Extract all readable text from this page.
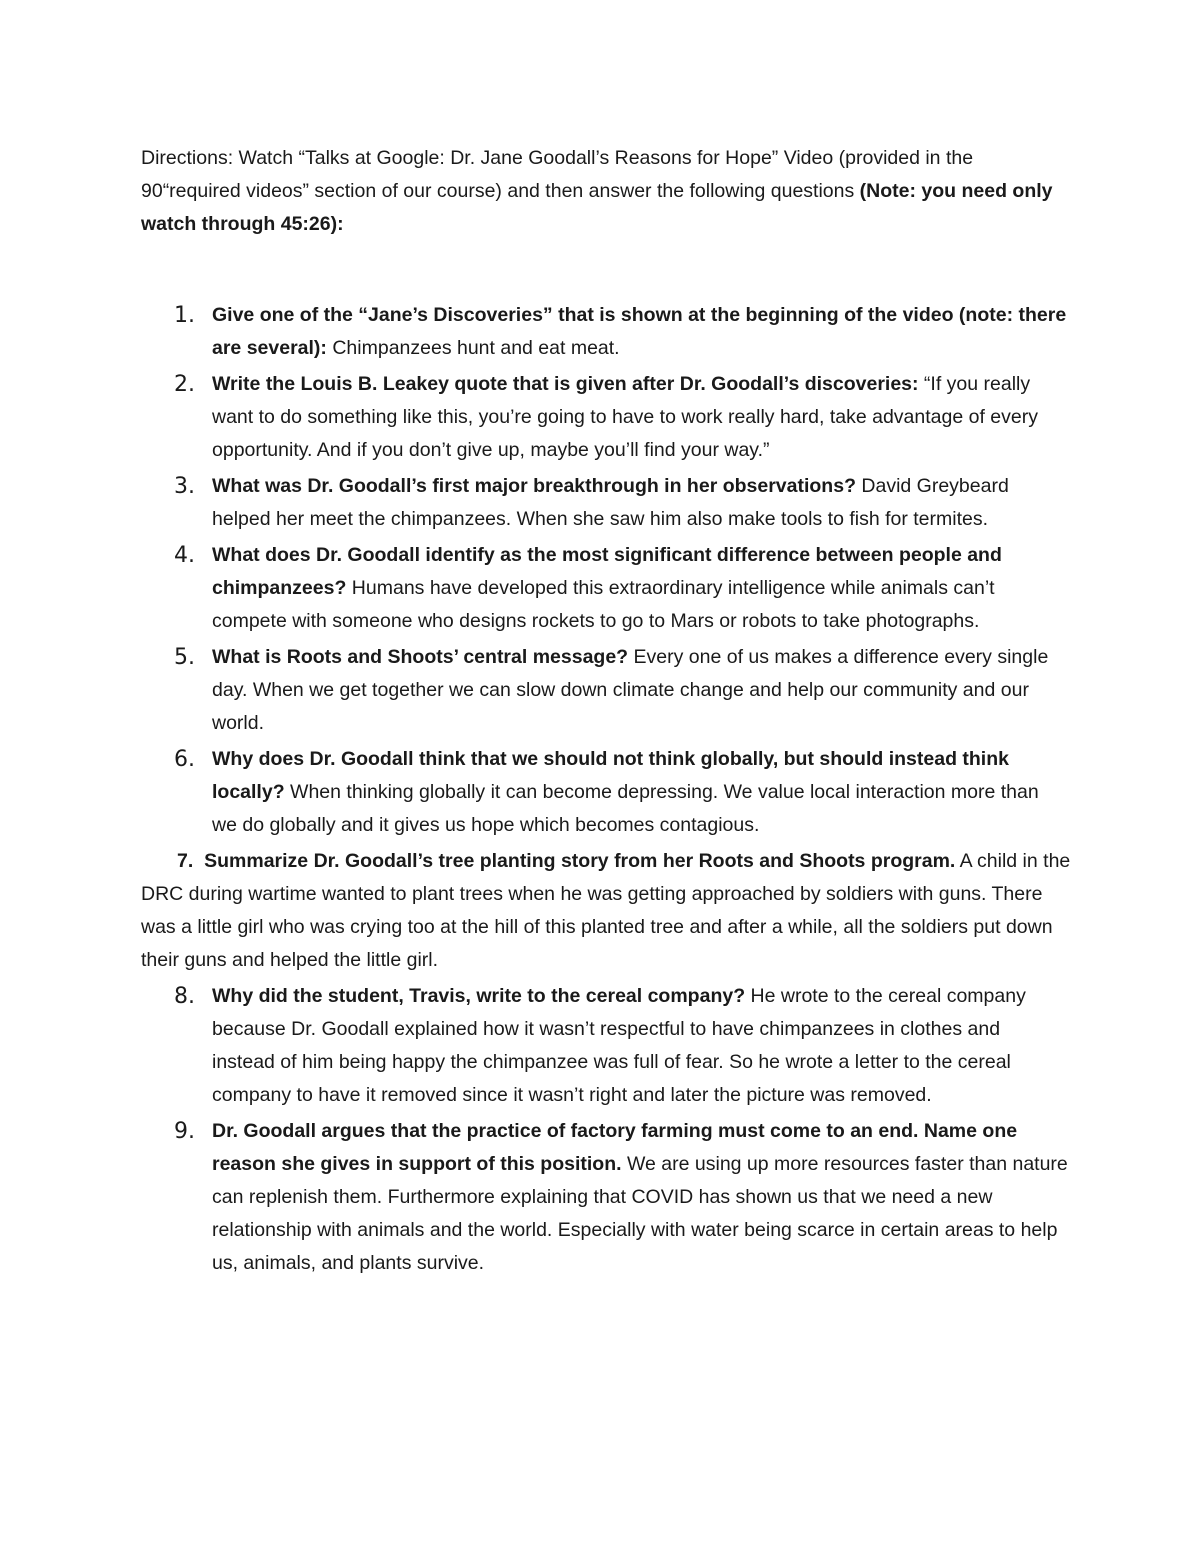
Directions: Watch “Talks at Google: Dr. Jane Goodall’s Reasons for Hope” Video (provided in the 90“required videos” section of our course) and then answer the following questions (Note: you need only watch through 45:26):
1. Give one of the “Jane’s Discoveries” that is shown at the beginning of the video (note: there are several): Chimpanzees hunt and eat meat.
2. Write the Louis B. Leakey quote that is given after Dr. Goodall’s discoveries: “If you really want to do something like this, you’re going to have to work really hard, take advantage of every opportunity. And if you don’t give up, maybe you’ll find your way.”
3. What was Dr. Goodall’s first major breakthrough in her observations? David Greybeard helped her meet the chimpanzees. When she saw him also make tools to fish for termites.
4. What does Dr. Goodall identify as the most significant difference between people and chimpanzees? Humans have developed this extraordinary intelligence while animals can’t compete with someone who designs rockets to go to Mars or robots to take photographs.
5. What is Roots and Shoots’ central message? Every one of us makes a difference every single day. When we get together we can slow down climate change and help our community and our world.
6. Why does Dr. Goodall think that we should not think globally, but should instead think locally? When thinking globally it can become depressing. We value local interaction more than we do globally and it gives us hope which becomes contagious.
7. Summarize Dr. Goodall’s tree planting story from her Roots and Shoots program. A child in the DRC during wartime wanted to plant trees when he was getting approached by soldiers with guns. There was a little girl who was crying too at the hill of this planted tree and after a while, all the soldiers put down their guns and helped the little girl.
8. Why did the student, Travis, write to the cereal company? He wrote to the cereal company because Dr. Goodall explained how it wasn’t respectful to have chimpanzees in clothes and instead of him being happy the chimpanzee was full of fear. So he wrote a letter to the cereal company to have it removed since it wasn’t right and later the picture was removed.
9. Dr. Goodall argues that the practice of factory farming must come to an end. Name one reason she gives in support of this position. We are using up more resources faster than nature can replenish them. Furthermore explaining that COVID has shown us that we need a new relationship with animals and the world. Especially with water being scarce in certain areas to help us, animals, and plants survive.
